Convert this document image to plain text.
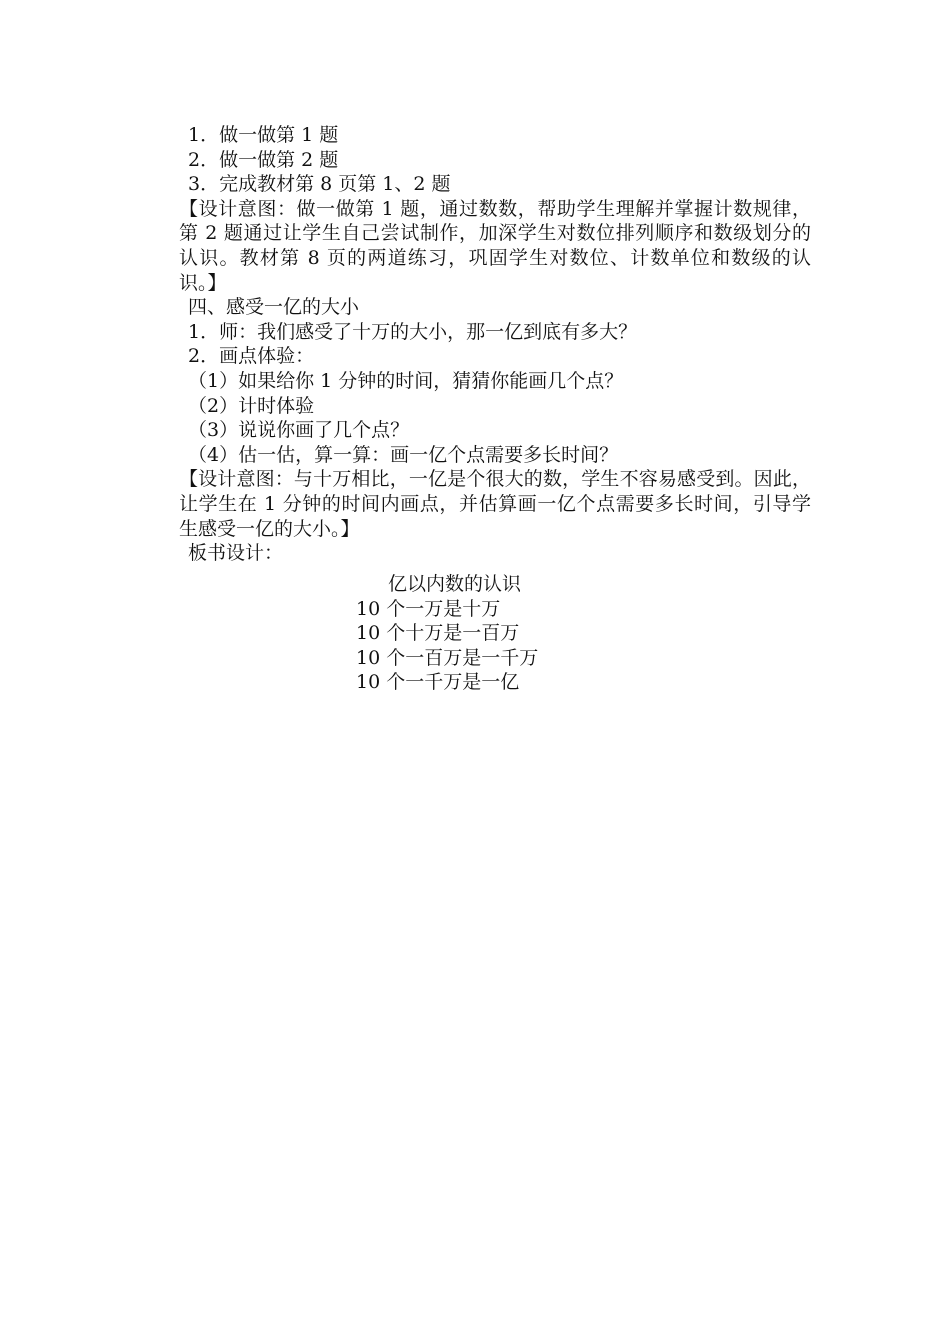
1．做一做第 1 题

2．做一做第 2 题

3．完成教材第 8 页第 1、2 题

【设计意图：做一做第 1 题，通过数数，帮助学生理解并掌握计数规律，第 2 题通过让学生自己尝试制作，加深学生对数位排列顺序和数级划分的认识。教材第 8 页的两道练习，巩固学生对数位、计数单位和数级的认识。】

四、感受一亿的大小

1．师：我们感受了十万的大小，那一亿到底有多大？

2．画点体验：

（1）如果给你 1 分钟的时间，猜猜你能画几个点？

（2）计时体验

（3）说说你画了几个点？

（4）估一估，算一算：画一亿个点需要多长时间？

【设计意图：与十万相比，一亿是个很大的数，学生不容易感受到。因此，让学生在 1 分钟的时间内画点，并估算画一亿个点需要多长时间，引导学生感受一亿的大小。】

板书设计：

亿以内数的认识
10 个一万是十万
10 个十万是一百万
10 个一百万是一千万
10 个一千万是一亿
